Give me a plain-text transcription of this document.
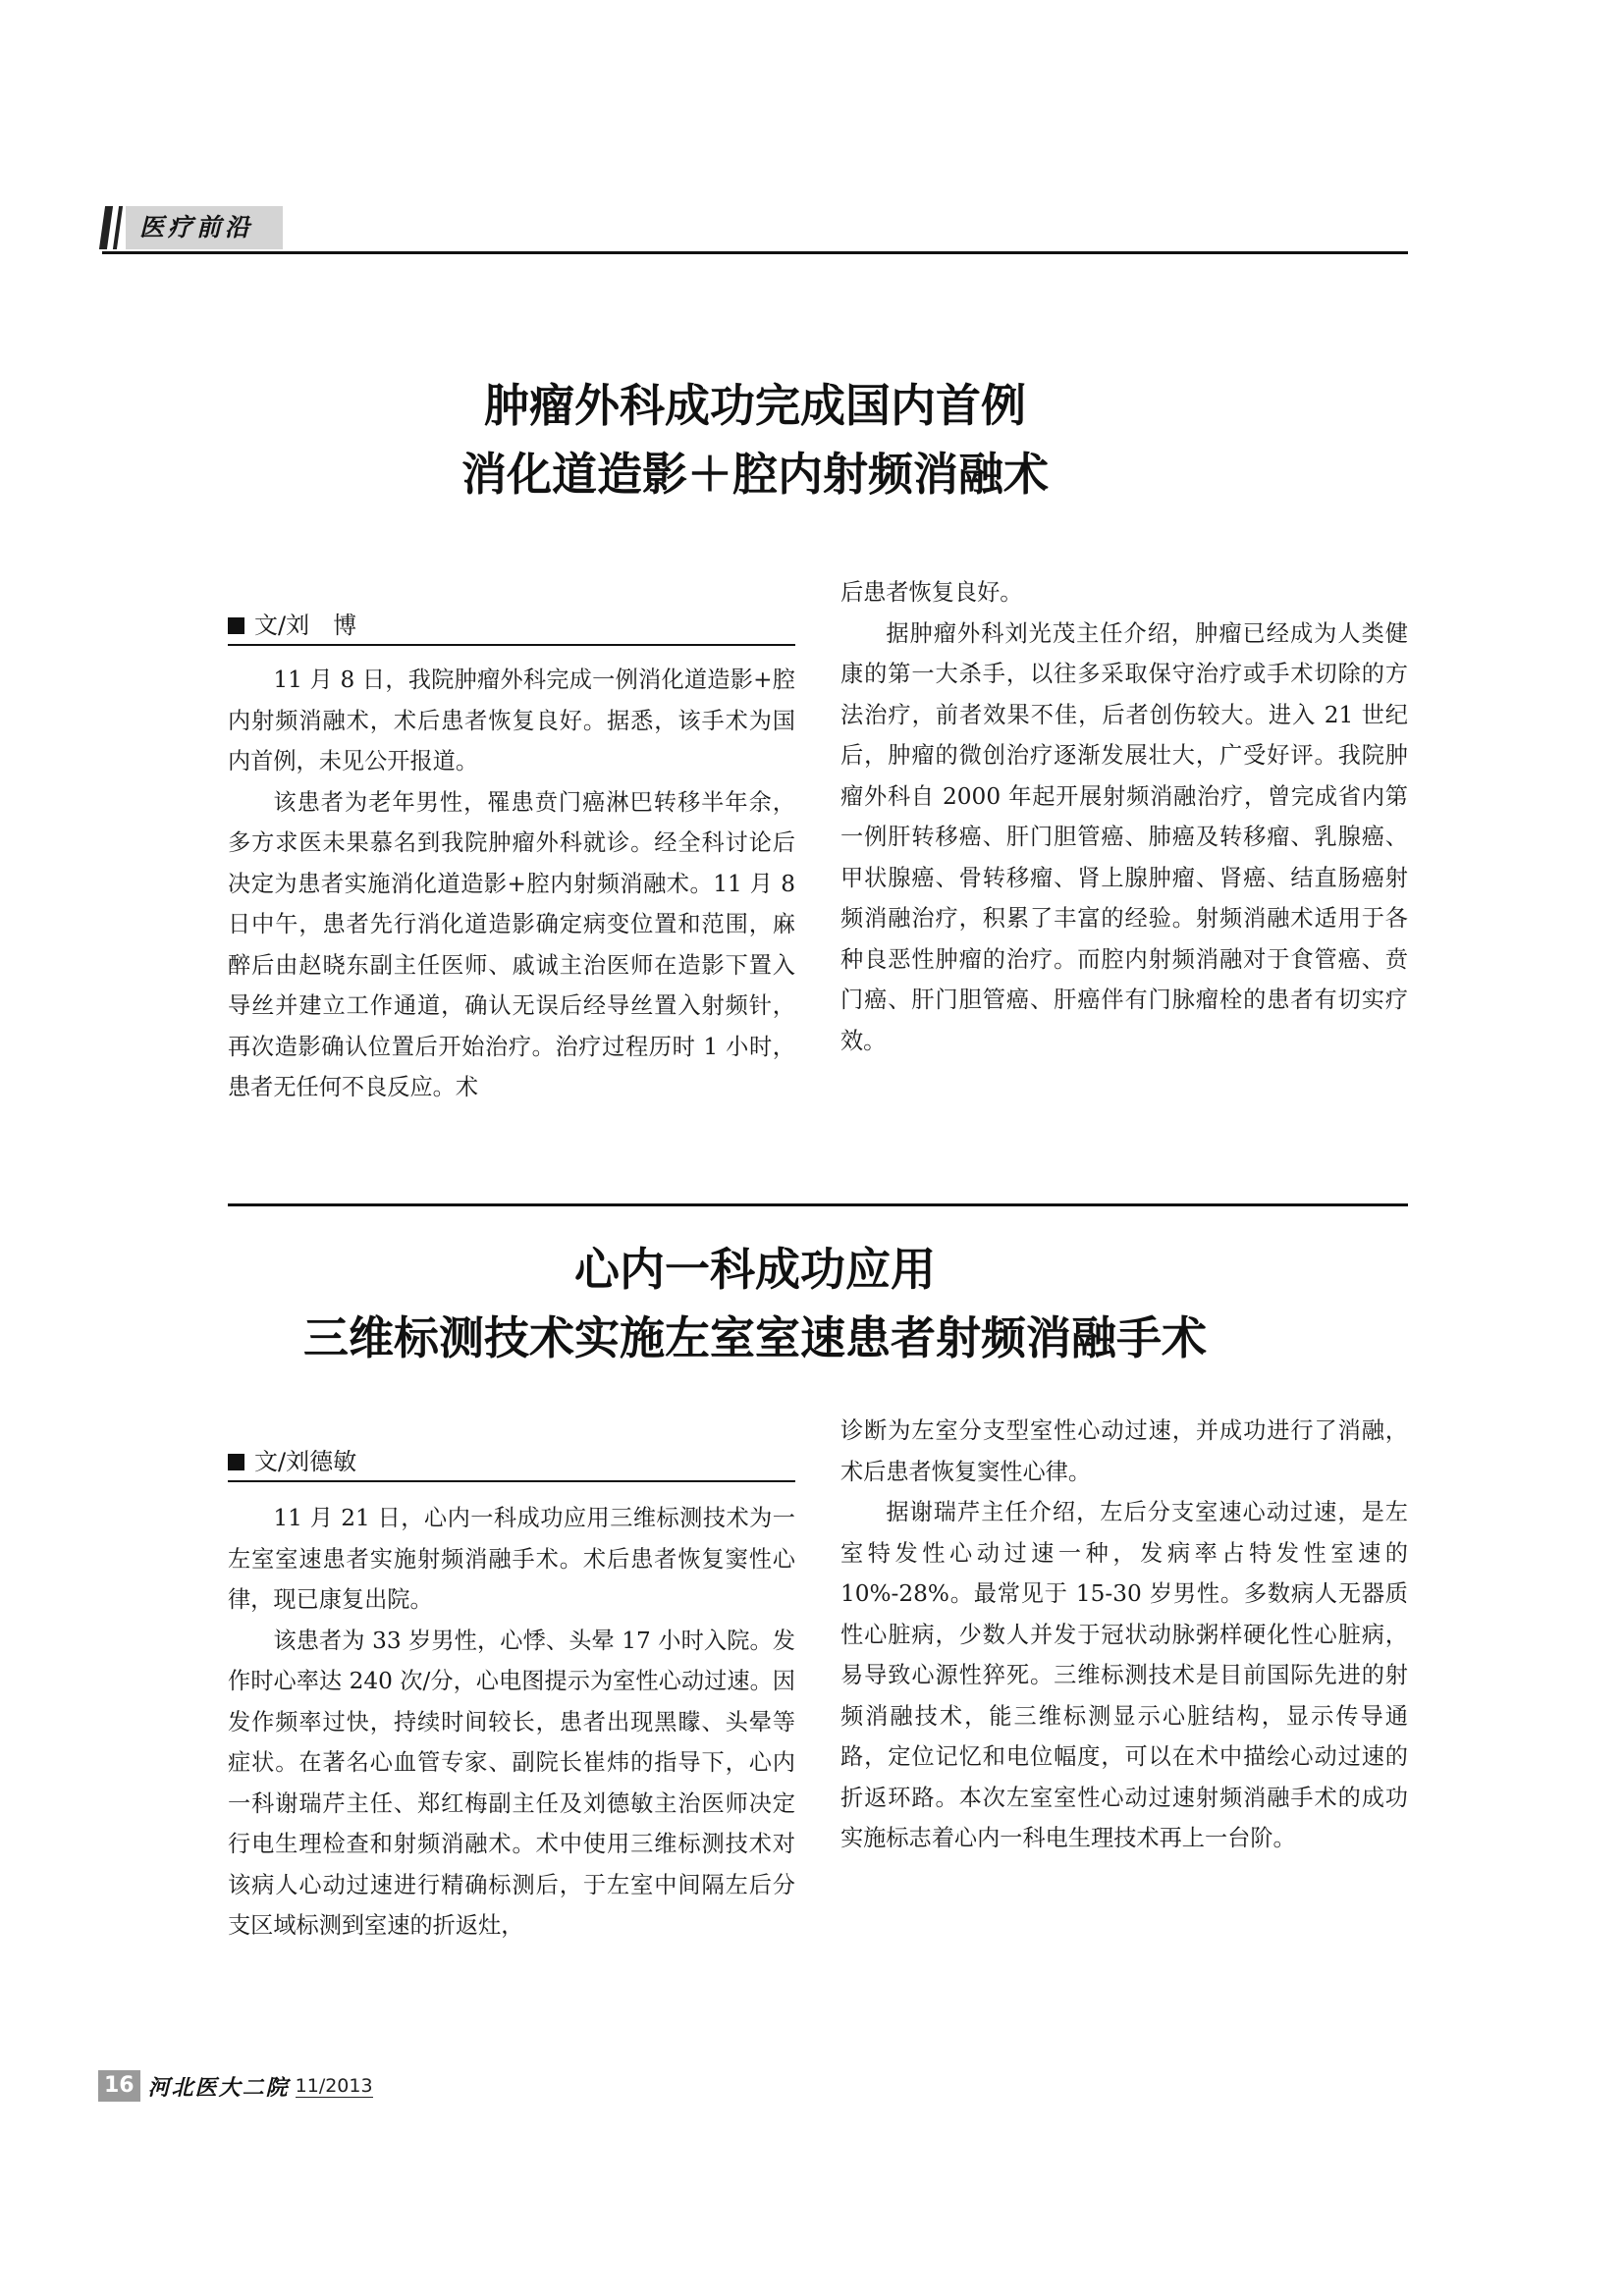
医疗前沿
肿瘤外科成功完成国内首例
消化道造影＋腔内射频消融术
文/刘　博

11 月 8 日，我院肿瘤外科完成一例消化道造影+腔内射频消融术，术后患者恢复良好。据悉，该手术为国内首例，未见公开报道。

该患者为老年男性，罹患贲门癌淋巴转移半年余，多方求医未果慕名到我院肿瘤外科就诊。经全科讨论后决定为患者实施消化道造影+腔内射频消融术。11 月 8 日中午，患者先行消化道造影确定病变位置和范围，麻醉后由赵晓东副主任医师、戚诚主治医师在造影下置入导丝并建立工作通道，确认无误后经导丝置入射频针，再次造影确认位置后开始治疗。治疗过程历时 1 小时，患者无任何不良反应。术

后患者恢复良好。

据肿瘤外科刘光茂主任介绍，肿瘤已经成为人类健康的第一大杀手，以往多采取保守治疗或手术切除的方法治疗，前者效果不佳，后者创伤较大。进入 21 世纪后，肿瘤的微创治疗逐渐发展壮大，广受好评。我院肿瘤外科自 2000 年起开展射频消融治疗，曾完成省内第一例肝转移癌、肝门胆管癌、肺癌及转移瘤、乳腺癌、甲状腺癌、骨转移瘤、肾上腺肿瘤、肾癌、结直肠癌射频消融治疗，积累了丰富的经验。射频消融术适用于各种良恶性肿瘤的治疗。而腔内射频消融对于食管癌、贲门癌、肝门胆管癌、肝癌伴有门脉瘤栓的患者有切实疗效。

心内一科成功应用
三维标测技术实施左室室速患者射频消融手术
文/刘德敏

11 月 21 日，心内一科成功应用三维标测技术为一左室室速患者实施射频消融手术。术后患者恢复窦性心律，现已康复出院。

该患者为 33 岁男性，心悸、头晕 17 小时入院。发作时心率达 240 次/分，心电图提示为室性心动过速。因发作频率过快，持续时间较长，患者出现黑矇、头晕等症状。在著名心血管专家、副院长崔炜的指导下，心内一科谢瑞芹主任、郑红梅副主任及刘德敏主治医师决定行电生理检查和射频消融术。术中使用三维标测技术对该病人心动过速进行精确标测后，于左室中间隔左后分支区域标测到室速的折返灶，

诊断为左室分支型室性心动过速，并成功进行了消融，术后患者恢复窦性心律。

据谢瑞芹主任介绍，左后分支室速心动过速，是左室特发性心动过速一种，发病率占特发性室速的 10%-28%。最常见于 15-30 岁男性。多数病人无器质性心脏病，少数人并发于冠状动脉粥样硬化性心脏病，易导致心源性猝死。三维标测技术是目前国际先进的射频消融技术，能三维标测显示心脏结构，显示传导通路，定位记忆和电位幅度，可以在术中描绘心动过速的折返环路。本次左室室性心动过速射频消融手术的成功实施标志着心内一科电生理技术再上一台阶。

16 河北医大二院 11/2013
